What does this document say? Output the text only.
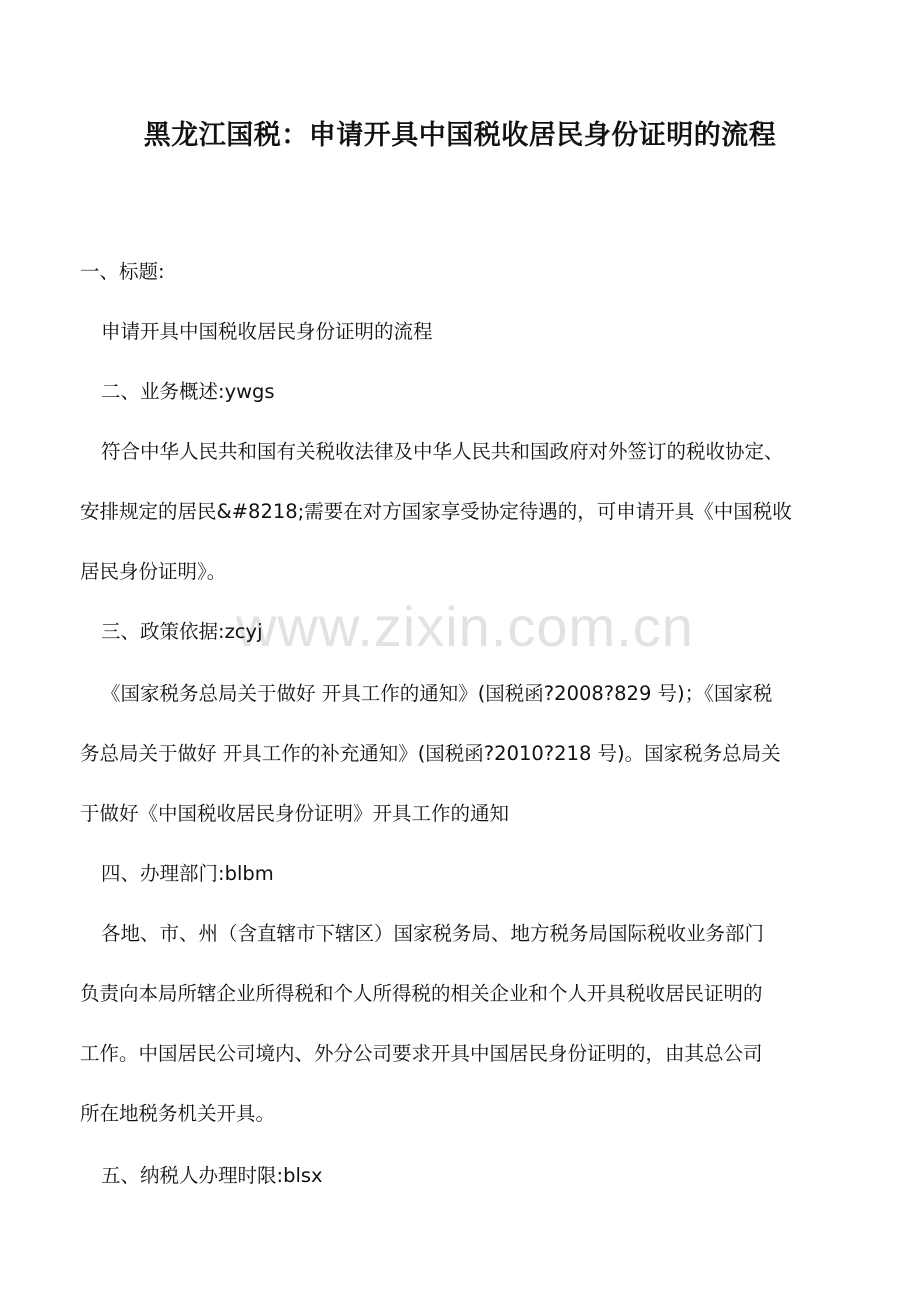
黑龙江国税：申请开具中国税收居民身份证明的流程
www.zixin.com.cn
一、标题:
申请开具中国税收居民身份证明的流程
二、业务概述:ywgs
符合中华人民共和国有关税收法律及中华人民共和国政府对外签订的税收协定、
安排规定的居民&#8218;需要在对方国家享受协定待遇的，可申请开具《中国税收
居民身份证明》。
三、政策依据:zcyj
《国家税务总局关于做好 开具工作的通知》(国税函?2008?829 号)；《国家税
务总局关于做好 开具工作的补充通知》(国税函?2010?218 号)。国家税务总局关
于做好《中国税收居民身份证明》开具工作的通知
四、办理部门:blbm
各地、市、州（含直辖市下辖区）国家税务局、地方税务局国际税收业务部门
负责向本局所辖企业所得税和个人所得税的相关企业和个人开具税收居民证明的
工作。中国居民公司境内、外分公司要求开具中国居民身份证明的，由其总公司
所在地税务机关开具。
五、纳税人办理时限:blsx
